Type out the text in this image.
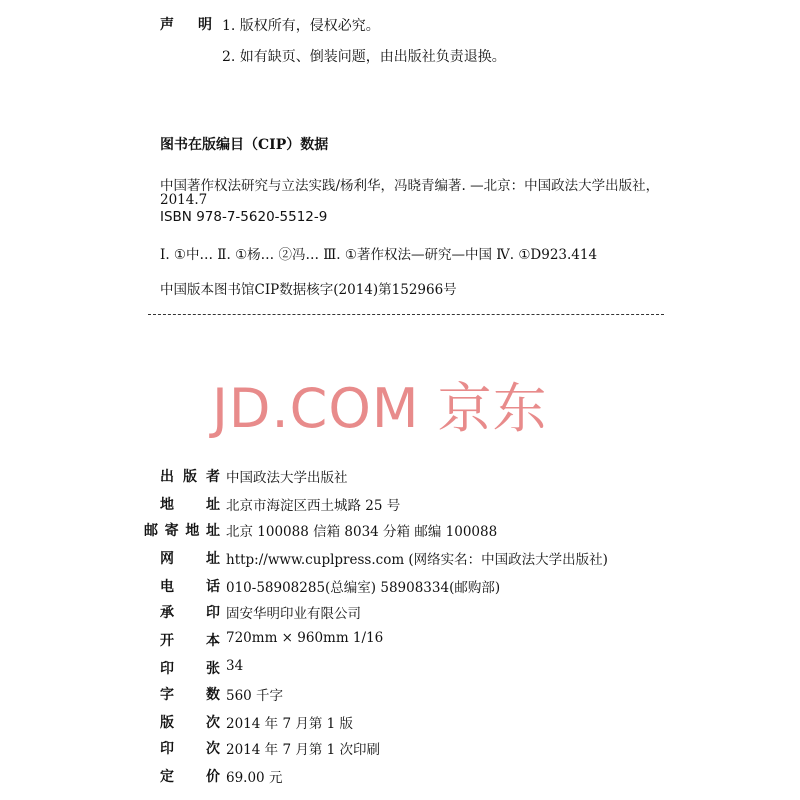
声明
1. 版权所有，侵权必究。
2. 如有缺页、倒装问题，由出版社负责退换。
图书在版编目（CIP）数据
中国著作权法研究与立法实践/杨利华，冯晓青编著. —北京：中国政法大学出版社，
2014.7
ISBN 978-7-5620-5512-9
Ⅰ. ①中… Ⅱ. ①杨… ②冯… Ⅲ. ①著作权法—研究—中国 Ⅳ. ①D923.414
中国版本图书馆CIP数据核字(2014)第152966号
JD.COM 京东
出版者 中国政法大学出版社
地址 北京市海淀区西土城路 25 号
邮寄地址 北京 100088 信箱 8034 分箱 邮编 100088
网址 http://www.cuplpress.com (网络实名：中国政法大学出版社)
电话 010-58908285(总编室) 58908334(邮购部)
承印 固安华明印业有限公司
开本 720mm × 960mm 1/16
印张 34
字数 560 千字
版次 2014 年 7 月第 1 版
印次 2014 年 7 月第 1 次印刷
定价 69.00 元
